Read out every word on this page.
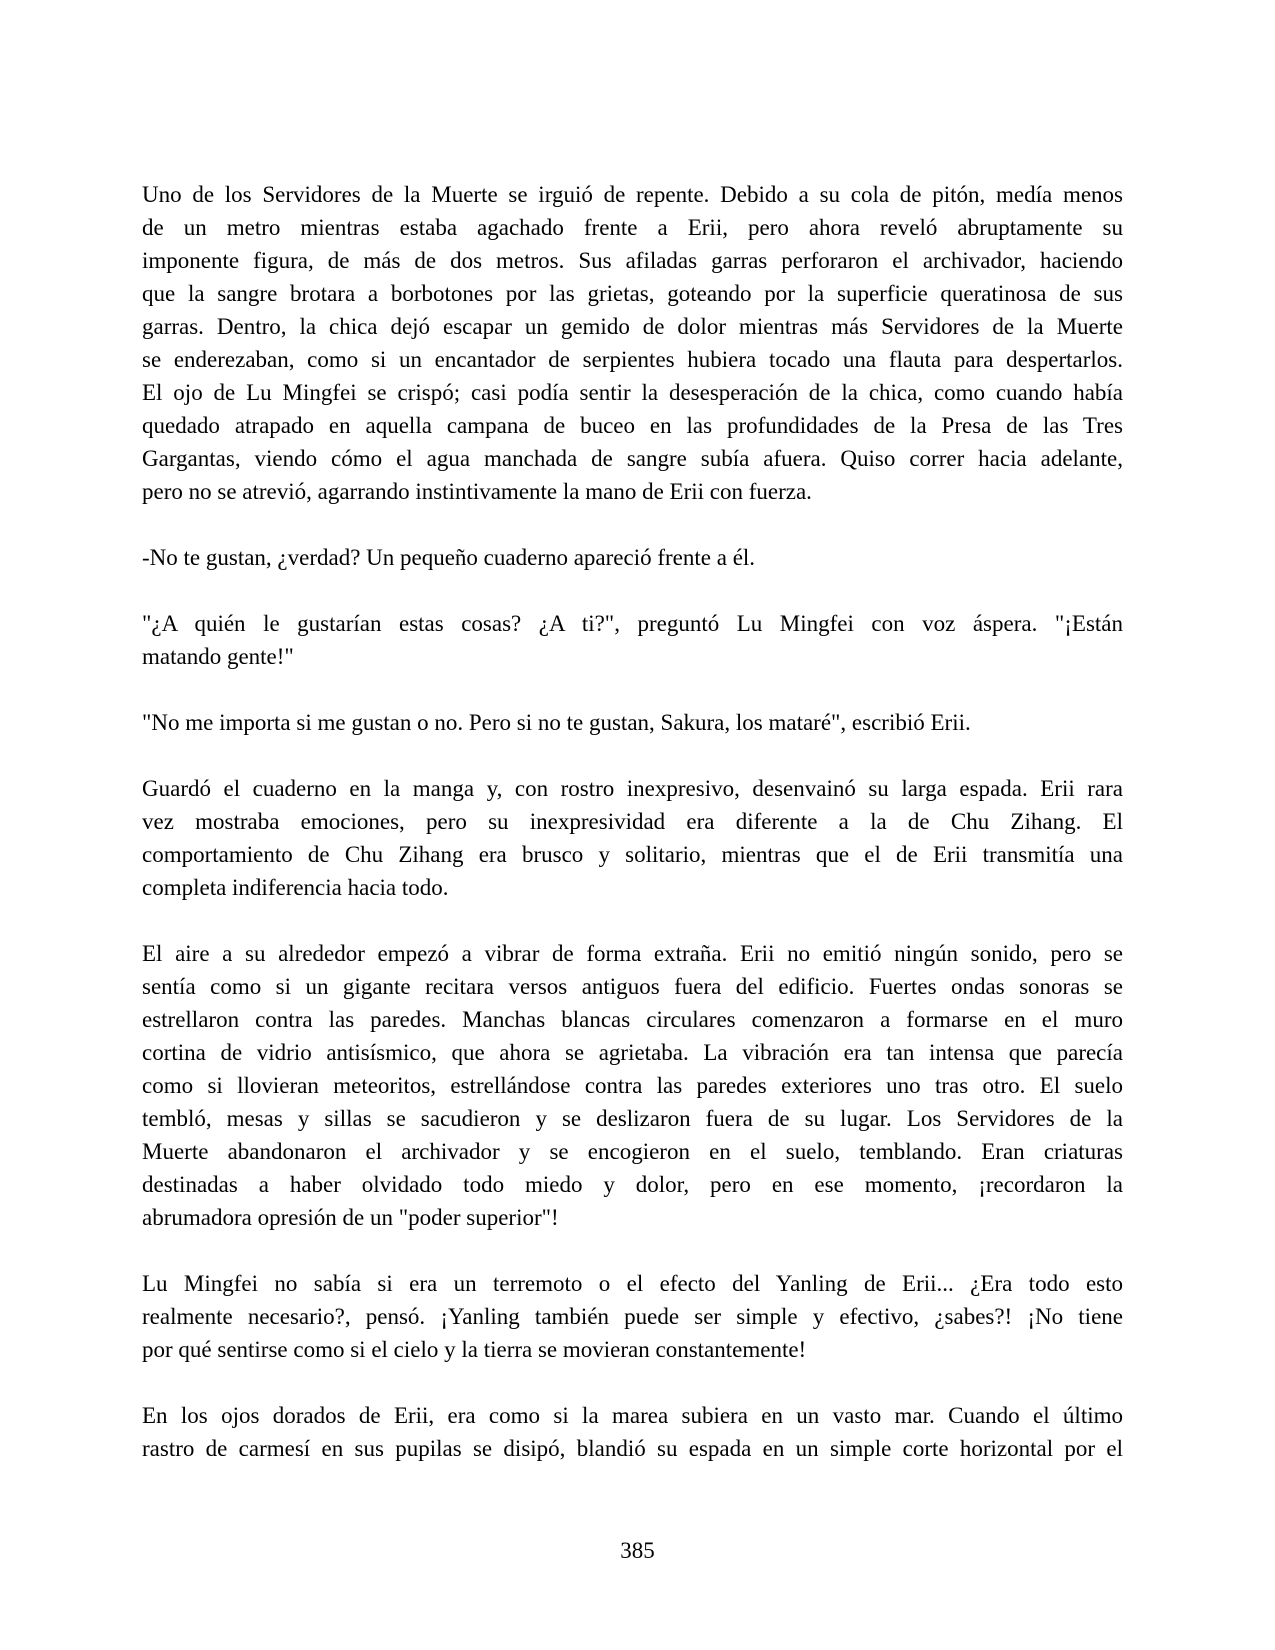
Uno de los Servidores de la Muerte se irguió de repente. Debido a su cola de pitón, medía menos
de un metro mientras estaba agachado frente a Erii, pero ahora reveló abruptamente su
imponente figura, de más de dos metros. Sus afiladas garras perforaron el archivador, haciendo
que la sangre brotara a borbotones por las grietas, goteando por la superficie queratinosa de sus
garras. Dentro, la chica dejó escapar un gemido de dolor mientras más Servidores de la Muerte
se enderezaban, como si un encantador de serpientes hubiera tocado una flauta para despertarlos.
El ojo de Lu Mingfei se crispó; casi podía sentir la desesperación de la chica, como cuando había
quedado atrapado en aquella campana de buceo en las profundidades de la Presa de las Tres
Gargantas, viendo cómo el agua manchada de sangre subía afuera. Quiso correr hacia adelante,
pero no se atrevió, agarrando instintivamente la mano de Erii con fuerza.

-No te gustan, ¿verdad? Un pequeño cuaderno apareció frente a él.

"¿A quién le gustarían estas cosas? ¿A ti?", preguntó Lu Mingfei con voz áspera. "¡Están
matando gente!"

"No me importa si me gustan o no. Pero si no te gustan, Sakura, los mataré", escribió Erii.

Guardó el cuaderno en la manga y, con rostro inexpresivo, desenvainó su larga espada. Erii rara
vez mostraba emociones, pero su inexpresividad era diferente a la de Chu Zihang. El
comportamiento de Chu Zihang era brusco y solitario, mientras que el de Erii transmitía una
completa indiferencia hacia todo.

El aire a su alrededor empezó a vibrar de forma extraña. Erii no emitió ningún sonido, pero se
sentía como si un gigante recitara versos antiguos fuera del edificio. Fuertes ondas sonoras se
estrellaron contra las paredes. Manchas blancas circulares comenzaron a formarse en el muro
cortina de vidrio antisísmico, que ahora se agrietaba. La vibración era tan intensa que parecía
como si llovieran meteoritos, estrellándose contra las paredes exteriores uno tras otro. El suelo
tembló, mesas y sillas se sacudieron y se deslizaron fuera de su lugar. Los Servidores de la
Muerte abandonaron el archivador y se encogieron en el suelo, temblando. Eran criaturas
destinadas a haber olvidado todo miedo y dolor, pero en ese momento, ¡recordaron la
abrumadora opresión de un "poder superior"!

Lu Mingfei no sabía si era un terremoto o el efecto del Yanling de Erii... ¿Era todo esto
realmente necesario?, pensó. ¡Yanling también puede ser simple y efectivo, ¿sabes?! ¡No tiene
por qué sentirse como si el cielo y la tierra se movieran constantemente!

En los ojos dorados de Erii, era como si la marea subiera en un vasto mar. Cuando el último
rastro de carmesí en sus pupilas se disipó, blandió su espada en un simple corte horizontal por el

385
